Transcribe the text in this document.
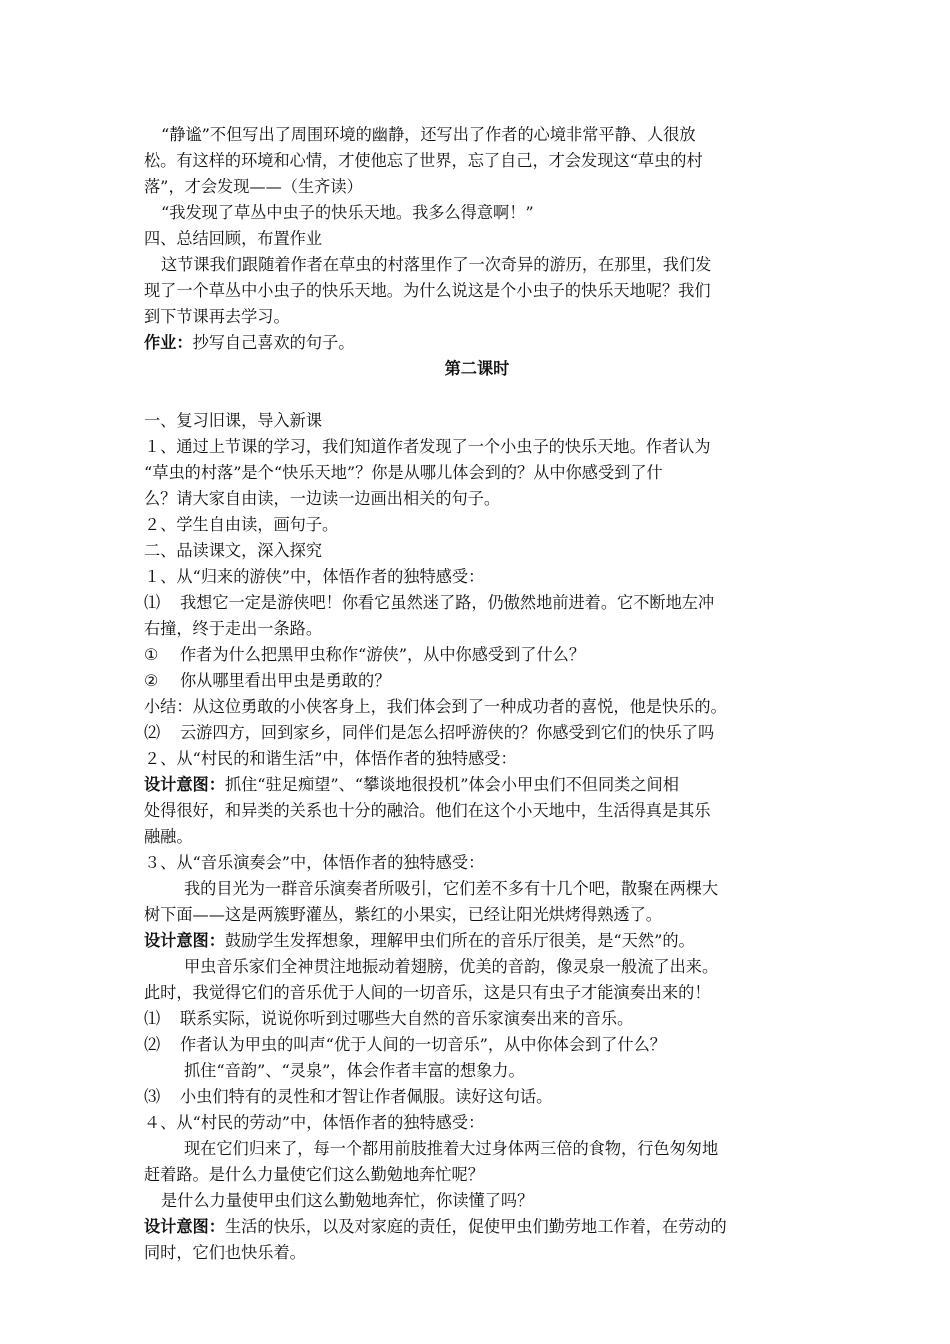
“静谧”不但写出了周围环境的幽静，还写出了作者的心境非常平静、人很放
松。有这样的环境和心情，才使他忘了世界，忘了自己，才会发现这“草虫的村
落”，才会发现——（生齐读）
“我发现了草丛中虫子的快乐天地。我多么得意啊！”
四、总结回顾，布置作业
这节课我们跟随着作者在草虫的村落里作了一次奇异的游历，在那里，我们发
现了一个草丛中小虫子的快乐天地。为什么说这是个小虫子的快乐天地呢？我们
到下节课再去学习。
作业：抄写自己喜欢的句子。
第二课时
一、复习旧课，导入新课
１、通过上节课的学习，我们知道作者发现了一个小虫子的快乐天地。作者认为
“草虫的村落”是个“快乐天地”？你是从哪儿体会到的？从中你感受到了什
么？请大家自由读，一边读一边画出相关的句子。
２、学生自由读，画句子。
二、品读课文，深入探究
１、从“归来的游侠”中，体悟作者的独特感受：
⑴ 我想它一定是游侠吧！你看它虽然迷了路，仍傲然地前进着。它不断地左冲
右撞，终于走出一条路。
① 作者为什么把黑甲虫称作“游侠”，从中你感受到了什么？
② 你从哪里看出甲虫是勇敢的？
小结：从这位勇敢的小侠客身上，我们体会到了一种成功者的喜悦，他是快乐的。
⑵ 云游四方，回到家乡，同伴们是怎么招呼游侠的？你感受到它们的快乐了吗
２、从“村民的和谐生活”中，体悟作者的独特感受：
设计意图：抓住“驻足痴望”、“攀谈地很投机”体会小甲虫们不但同类之间相
处得很好，和异类的关系也十分的融洽。他们在这个小天地中，生活得真是其乐
融融。
３、从“音乐演奏会”中，体悟作者的独特感受：
我的目光为一群音乐演奏者所吸引，它们差不多有十几个吧，散聚在两棵大
树下面——这是两簇野灌丛，紫红的小果实，已经让阳光烘烤得熟透了。
设计意图：鼓励学生发挥想象，理解甲虫们所在的音乐厅很美，是“天然”的。
甲虫音乐家们全神贯注地振动着翅膀，优美的音韵，像灵泉一般流了出来。
此时，我觉得它们的音乐优于人间的一切音乐，这是只有虫子才能演奏出来的！
⑴ 联系实际，说说你听到过哪些大自然的音乐家演奏出来的音乐。
⑵ 作者认为甲虫的叫声“优于人间的一切音乐”，从中你体会到了什么？
抓住“音韵”、“灵泉”，体会作者丰富的想象力。
⑶ 小虫们特有的灵性和才智让作者佩服。读好这句话。
４、从“村民的劳动”中，体悟作者的独特感受：
现在它们归来了，每一个都用前肢推着大过身体两三倍的食物，行色匆匆地
赶着路。是什么力量使它们这么勤勉地奔忙呢？
是什么力量使甲虫们这么勤勉地奔忙，你读懂了吗？
设计意图：生活的快乐，以及对家庭的责任，促使甲虫们勤劳地工作着，在劳动的
同时，它们也快乐着。
